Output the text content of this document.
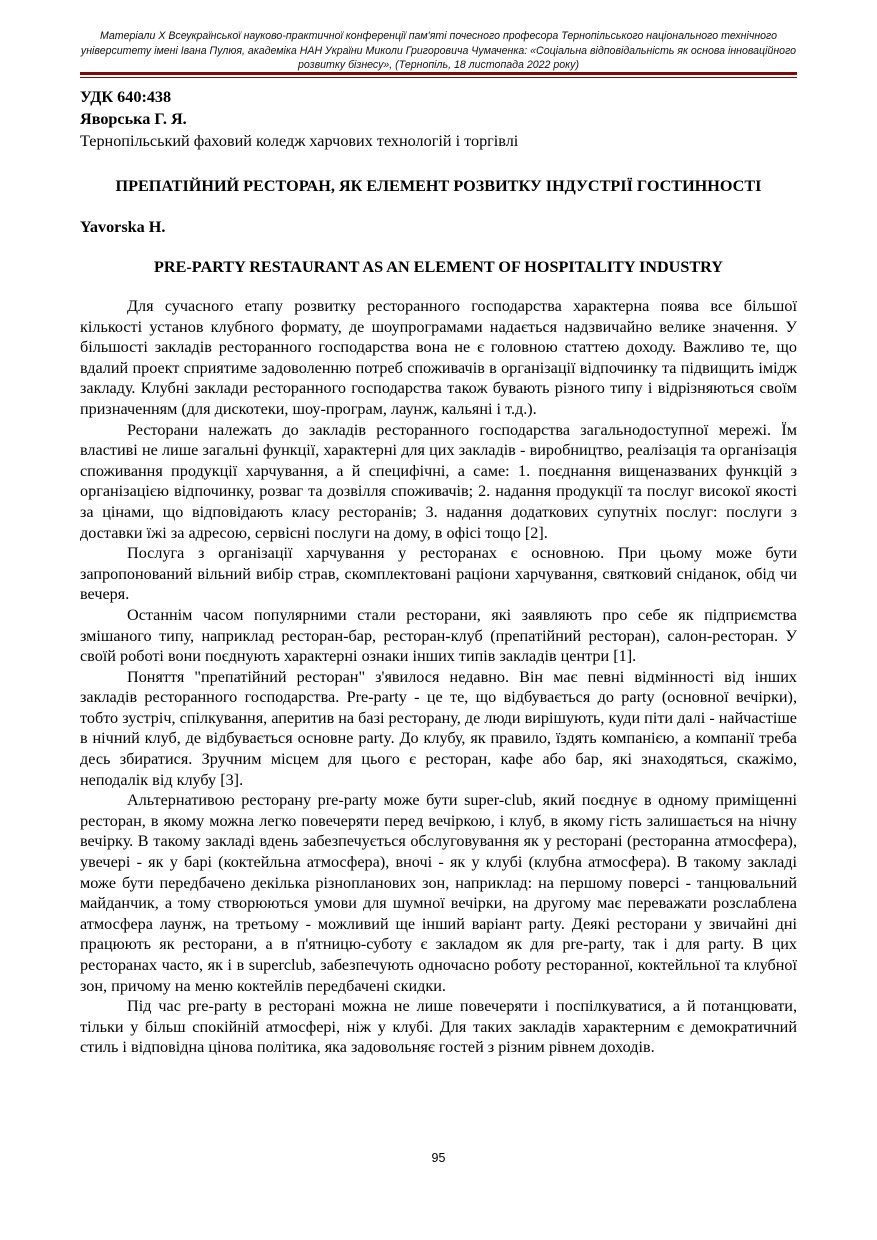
Матеріали Х Всеукраїнської науково-практичної конференції пам'яті почесного професора Тернопільського національного технічного університету імені Івана Пулюя, академіка НАН України Миколи Григоровича Чумаченка: «Соціальна відповідальність як основа інноваційного розвитку бізнесу», (Тернопіль, 18 листопада 2022 року)
УДК 640:438
Яворська Г. Я.
Тернопільський фаховий коледж харчових технологій і торгівлі
ПРЕПАТІЙНИЙ РЕСТОРАН, ЯК ЕЛЕМЕНТ РОЗВИТКУ ІНДУСТРІЇ ГОСТИННОСТІ
Yavorska H.
PRE-PARTY RESTAURANT AS AN ELEMENT OF HOSPITALITY INDUSTRY

Для сучасного етапу розвитку ресторанного господарства характерна поява все більшої кількості установ клубного формату, де шоупрограмами надається надзвичайно велике значення. У більшості закладів ресторанного господарства вона не є головною статтею доходу. Важливо те, що вдалий проект сприятиме задоволенню потреб споживачів в організації відпочинку та підвищить імідж закладу. Клубні заклади ресторанного господарства також бувають різного типу і відрізняються своїм призначенням (для дискотеки, шоу-програм, лаунж, кальяні і т.д.).

Ресторани належать до закладів ресторанного господарства загальнодоступної мережі. Їм властиві не лише загальні функції, характерні для цих закладів - виробництво, реалізація та організація споживання продукції харчування, а й специфічні, а саме: 1. поєднання вищеназваних функцій з організацією відпочинку, розваг та дозвілля споживачів; 2. надання продукції та послуг високої якості за цінами, що відповідають класу ресторанів; 3. надання додаткових супутніх послуг: послуги з доставки їжі за адресою, сервісні послуги на дому, в офісі тощо [2].

Послуга з організації харчування у ресторанах є основною. При цьому може бути запропонований вільний вибір страв, скомплектовані раціони харчування, святковий сніданок, обід чи вечеря.

Останнім часом популярними стали ресторани, які заявляють про себе як підприємства змішаного типу, наприклад ресторан-бар, ресторан-клуб (препатійний ресторан), салон-ресторан. У своїй роботі вони поєднують характерні ознаки інших типів закладів центри [1].

Поняття "препатійний ресторан" з'явилося недавно. Він має певні відмінності від інших закладів ресторанного господарства. Pre-party - це те, що відбувається до party (основної вечірки), тобто зустріч, спілкування, аперитив на базі ресторану, де люди вирішують, куди піти далі - найчастіше в нічний клуб, де відбувається основне party. До клубу, як правило, їздять компанією, а компанії треба десь збиратися. Зручним місцем для цього є ресторан, кафе або бар, які знаходяться, скажімо, неподалік від клубу [3].

Альтернативою ресторану pre-party може бути super-club, який поєднує в одному приміщенні ресторан, в якому можна легко повечеряти перед вечіркою, і клуб, в якому гість залишається на нічну вечірку. В такому закладі вдень забезпечується обслуговування як у ресторані (ресторанна атмосфера), увечері - як у барі (коктейльна атмосфера), вночі - як у клубі (клубна атмосфера). В такому закладі може бути передбачено декілька різнопланових зон, наприклад: на першому поверсі - танцювальний майданчик, а тому створюються умови для шумної вечірки, на другому має переважати розслаблена атмосфера лаунж, на третьому - можливий ще інший варіант party. Деякі ресторани у звичайні дні працюють як ресторани, а в п'ятницю-суботу є закладом як для pre-party, так і для party. В цих ресторанах часто, як і в superclub, забезпечують одночасно роботу ресторанної, коктейльної та клубної зон, причому на меню коктейлів передбачені скидки.

Під час pre-party в ресторані можна не лише повечеряти і поспілкуватися, а й потанцювати, тільки у більш спокійній атмосфері, ніж у клубі. Для таких закладів характерним є демократичний стиль і відповідна цінова політика, яка задовольняє гостей з різним рівнем доходів.

95
